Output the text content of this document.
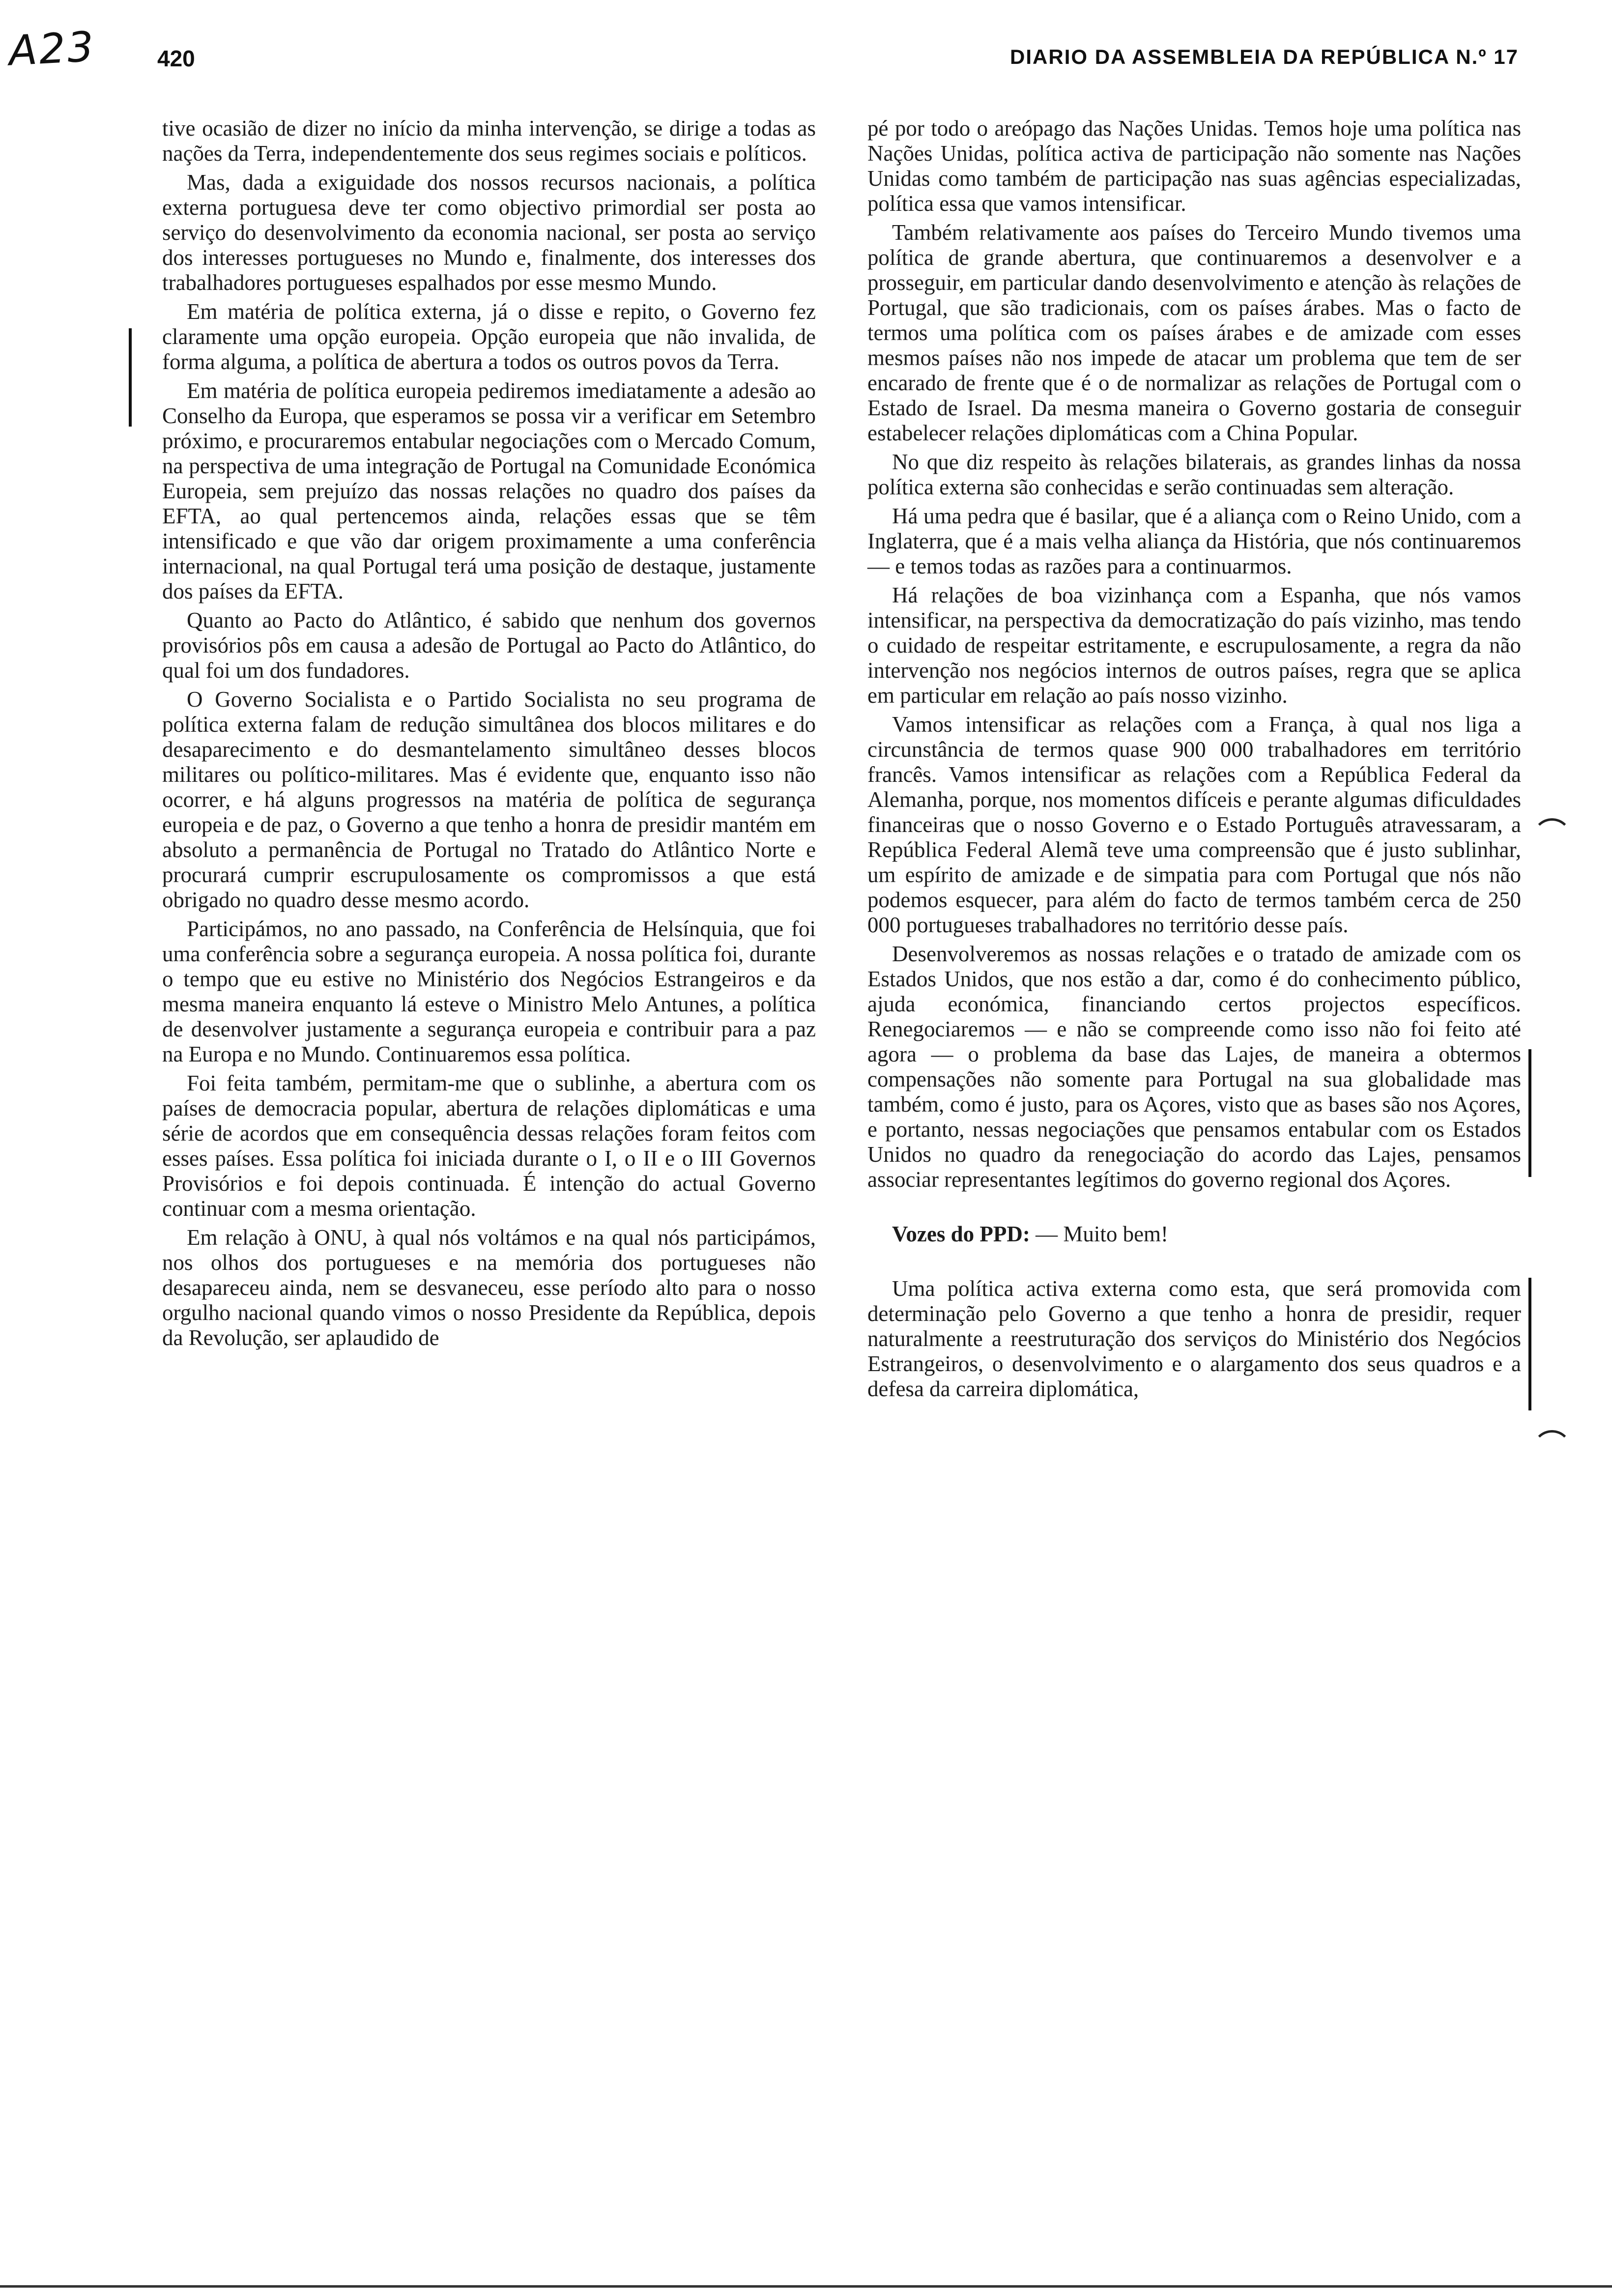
A23	420	DIARIO DA ASSEMBLEIA DA REPÚBLICA N.º 17

tive ocasião de dizer no início da minha intervenção, se dirige a todas as nações da Terra, independentemente dos seus regimes sociais e políticos.

Mas, dada a exiguidade dos nossos recursos nacionais, a política externa portuguesa deve ter como objectivo primordial ser posta ao serviço do desenvolvimento da economia nacional, ser posta ao serviço dos interesses portugueses no Mundo e, finalmente, dos interesses dos trabalhadores portugueses espalhados por esse mesmo Mundo.

Em matéria de política externa, já o disse e repito, o Governo fez claramente uma opção europeia. Opção europeia que não invalida, de forma alguma, a política de abertura a todos os outros povos da Terra.

Em matéria de política europeia pediremos imediatamente a adesão ao Conselho da Europa, que esperamos se possa vir a verificar em Setembro próximo, e procuraremos entabular negociações com o Mercado Comum, na perspectiva de uma integração de Portugal na Comunidade Económica Europeia, sem prejuízo das nossas relações no quadro dos países da EFTA, ao qual pertencemos ainda, relações essas que se têm intensificado e que vão dar origem proximamente a uma conferência internacional, na qual Portugal terá uma posição de destaque, justamente dos países da EFTA.

Quanto ao Pacto do Atlântico, é sabido que nenhum dos governos provisórios pôs em causa a adesão de Portugal ao Pacto do Atlântico, do qual foi um dos fundadores.

O Governo Socialista e o Partido Socialista no seu programa de política externa falam de redução simultânea dos blocos militares e do desaparecimento e do desmantelamento simultâneo desses blocos militares ou político-militares. Mas é evidente que, enquanto isso não ocorrer, e há alguns progressos na matéria de política de segurança europeia e de paz, o Governo a que tenho a honra de presidir mantém em absoluto a permanência de Portugal no Tratado do Atlântico Norte e procurará cumprir escrupulosamente os compromissos a que está obrigado no quadro desse mesmo acordo.

Participámos, no ano passado, na Conferência de Helsínquia, que foi uma conferência sobre a segurança europeia. A nossa política foi, durante o tempo que eu estive no Ministério dos Negócios Estrangeiros e da mesma maneira enquanto lá esteve o Ministro Melo Antunes, a política de desenvolver justamente a segurança europeia e contribuir para a paz na Europa e no Mundo. Continuaremos essa política.

Foi feita também, permitam-me que o sublinhe, a abertura com os países de democracia popular, abertura de relações diplomáticas e uma série de acordos que em consequência dessas relações foram feitos com esses países. Essa política foi iniciada durante o I, o II e o III Governos Provisórios e foi depois continuada. É intenção do actual Governo continuar com a mesma orientação.

Em relação à ONU, à qual nós voltámos e na qual nós participámos, nos olhos dos portugueses e na memória dos portugueses não desapareceu ainda, nem se desvaneceu, esse período alto para o nosso orgulho nacional quando vimos o nosso Presidente da República, depois da Revolução, ser aplaudido de

pé por todo o areópago das Nações Unidas. Temos hoje uma política nas Nações Unidas, política activa de participação não somente nas Nações Unidas como também de participação nas suas agências especializadas, política essa que vamos intensificar.

Também relativamente aos países do Terceiro Mundo tivemos uma política de grande abertura, que continuaremos a desenvolver e a prosseguir, em particular dando desenvolvimento e atenção às relações de Portugal, que são tradicionais, com os países árabes. Mas o facto de termos uma política com os países árabes e de amizade com esses mesmos países não nos impede de atacar um problema que tem de ser encarado de frente que é o de normalizar as relações de Portugal com o Estado de Israel. Da mesma maneira o Governo gostaria de conseguir estabelecer relações diplomáticas com a China Popular.

No que diz respeito às relações bilaterais, as grandes linhas da nossa política externa são conhecidas e serão continuadas sem alteração.

Há uma pedra que é basilar, que é a aliança com o Reino Unido, com a Inglaterra, que é a mais velha aliança da História, que nós continuaremos — e temos todas as razões para a continuarmos.

Há relações de boa vizinhança com a Espanha, que nós vamos intensificar, na perspectiva da democratização do país vizinho, mas tendo o cuidado de respeitar estritamente, e escrupulosamente, a regra da não intervenção nos negócios internos de outros países, regra que se aplica em particular em relação ao país nosso vizinho.

Vamos intensificar as relações com a França, à qual nos liga a circunstância de termos quase 900 000 trabalhadores em território francês. Vamos intensificar as relações com a República Federal da Alemanha, porque, nos momentos difíceis e perante algumas dificuldades financeiras que o nosso Governo e o Estado Português atravessaram, a República Federal Alemã teve uma compreensão que é justo sublinhar, um espírito de amizade e de simpatia para com Portugal que nós não podemos esquecer, para além do facto de termos também cerca de 250 000 portugueses trabalhadores no território desse país.

Desenvolveremos as nossas relações e o tratado de amizade com os Estados Unidos, que nos estão a dar, como é do conhecimento público, ajuda económica, financiando certos projectos específicos. Renegociaremos — e não se compreende como isso não foi feito até agora — o problema da base das Lajes, de maneira a obtermos compensações não somente para Portugal na sua globalidade mas também, como é justo, para os Açores, visto que as bases são nos Açores, e portanto, nessas negociações que pensamos entabular com os Estados Unidos no quadro da renegociação do acordo das Lajes, pensamos associar representantes legítimos do governo regional dos Açores.

Vozes do PPD: — Muito bem!

Uma política activa externa como esta, que será promovida com determinação pelo Governo a que tenho a honra de presidir, requer naturalmente a reestruturação dos serviços do Ministério dos Negócios Estrangeiros, o desenvolvimento e o alargamento dos seus quadros e a defesa da carreira diplomática,
